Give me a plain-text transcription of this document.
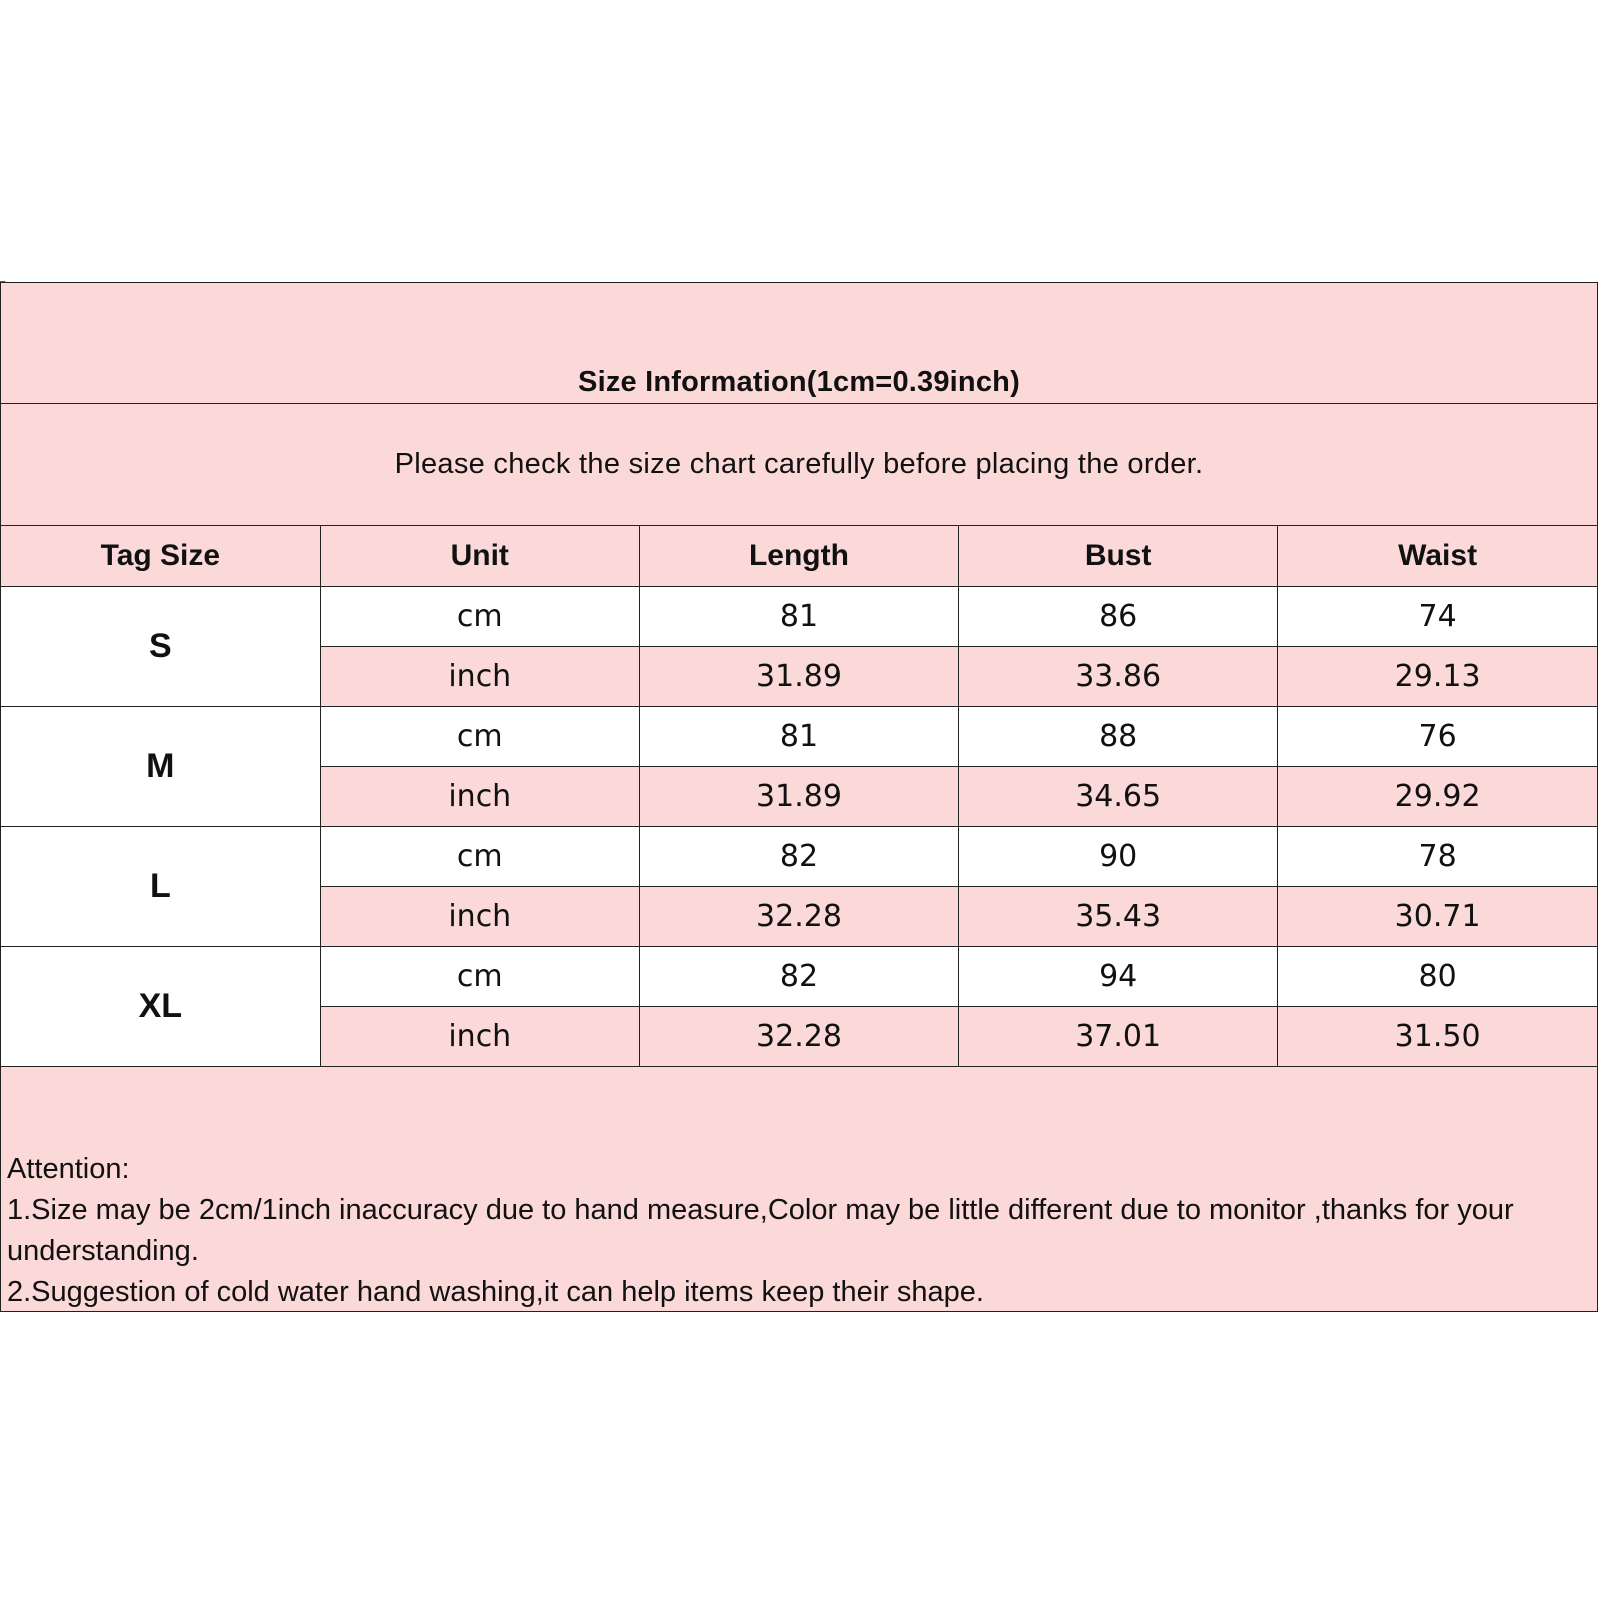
Size Information(1cm=0.39inch)
Please check the size chart carefully before placing the order.
Tag Size	Unit	Length	Bust	Waist
S	cm	81	86	74
	inch	31.89	33.86	29.13
M	cm	81	88	76
	inch	31.89	34.65	29.92
L	cm	82	90	78
	inch	32.28	35.43	30.71
XL	cm	82	94	80
	inch	32.28	37.01	31.50

Attention:

1.Size may be 2cm/1inch inaccuracy due to hand measure,Color may be little different due to monitor ,thanks for your understanding.

2.Suggestion of cold water hand washing,it can help items keep their shape.
